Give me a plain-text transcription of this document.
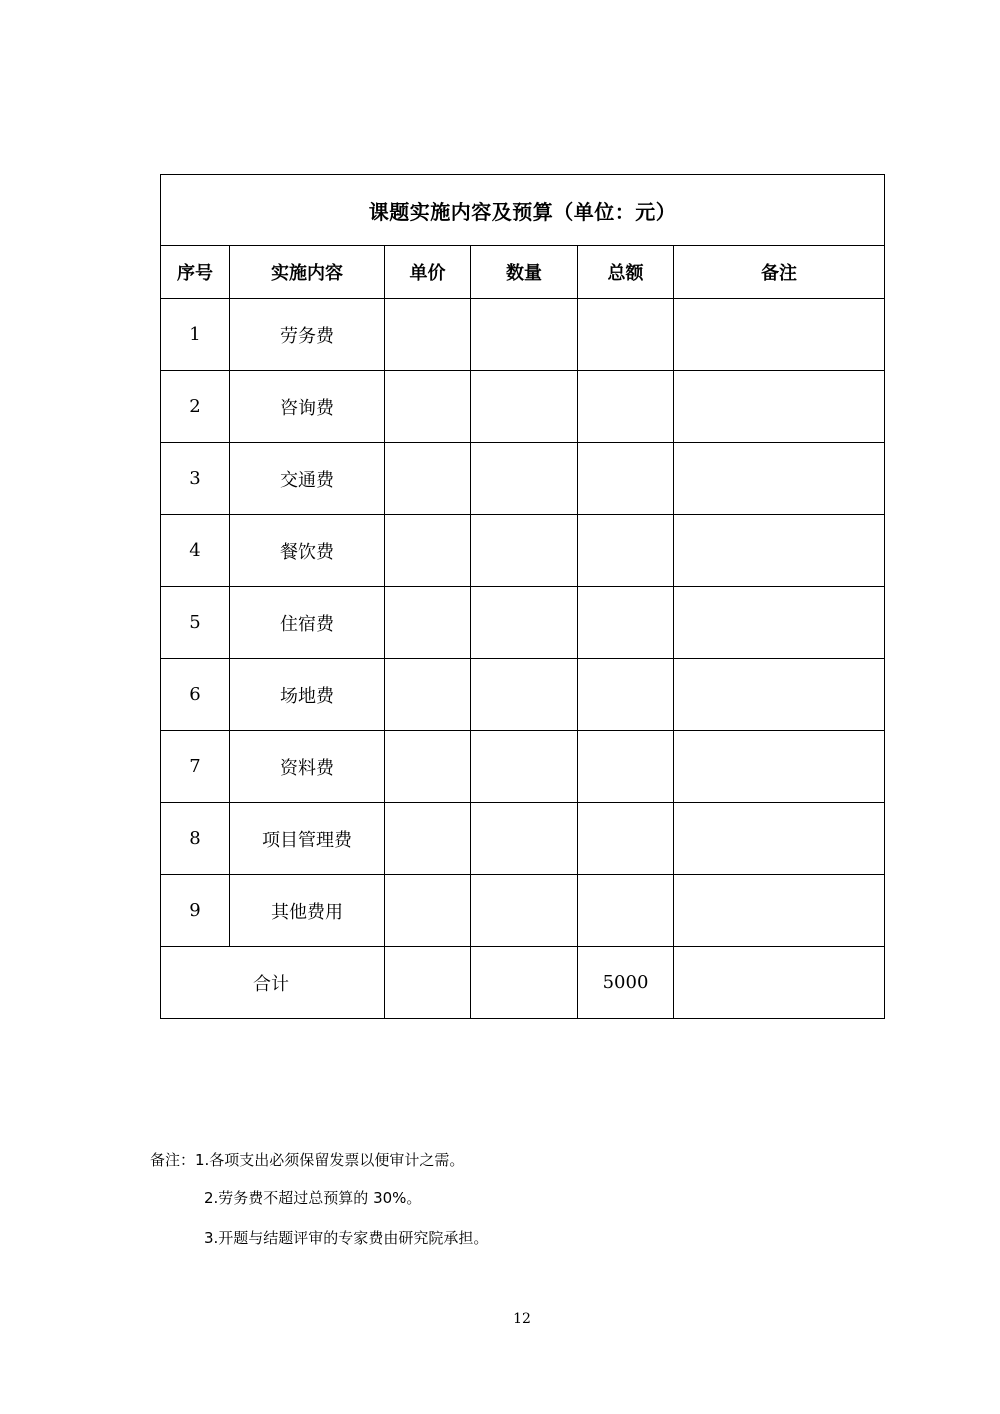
课题实施内容及预算（单位：元）					
序号	实施内容	单价	数量	总额	备注
1	劳务费				
2	咨询费				
3	交通费				
4	餐饮费				
5	住宿费				
6	场地费				
7	资料费				
8	项目管理费				
9	其他费用				
合计				5000	
备注：1.各项支出必须保留发票以便审计之需。
2.劳务费不超过总预算的 30%。
3.开题与结题评审的专家费由研究院承担。
12
